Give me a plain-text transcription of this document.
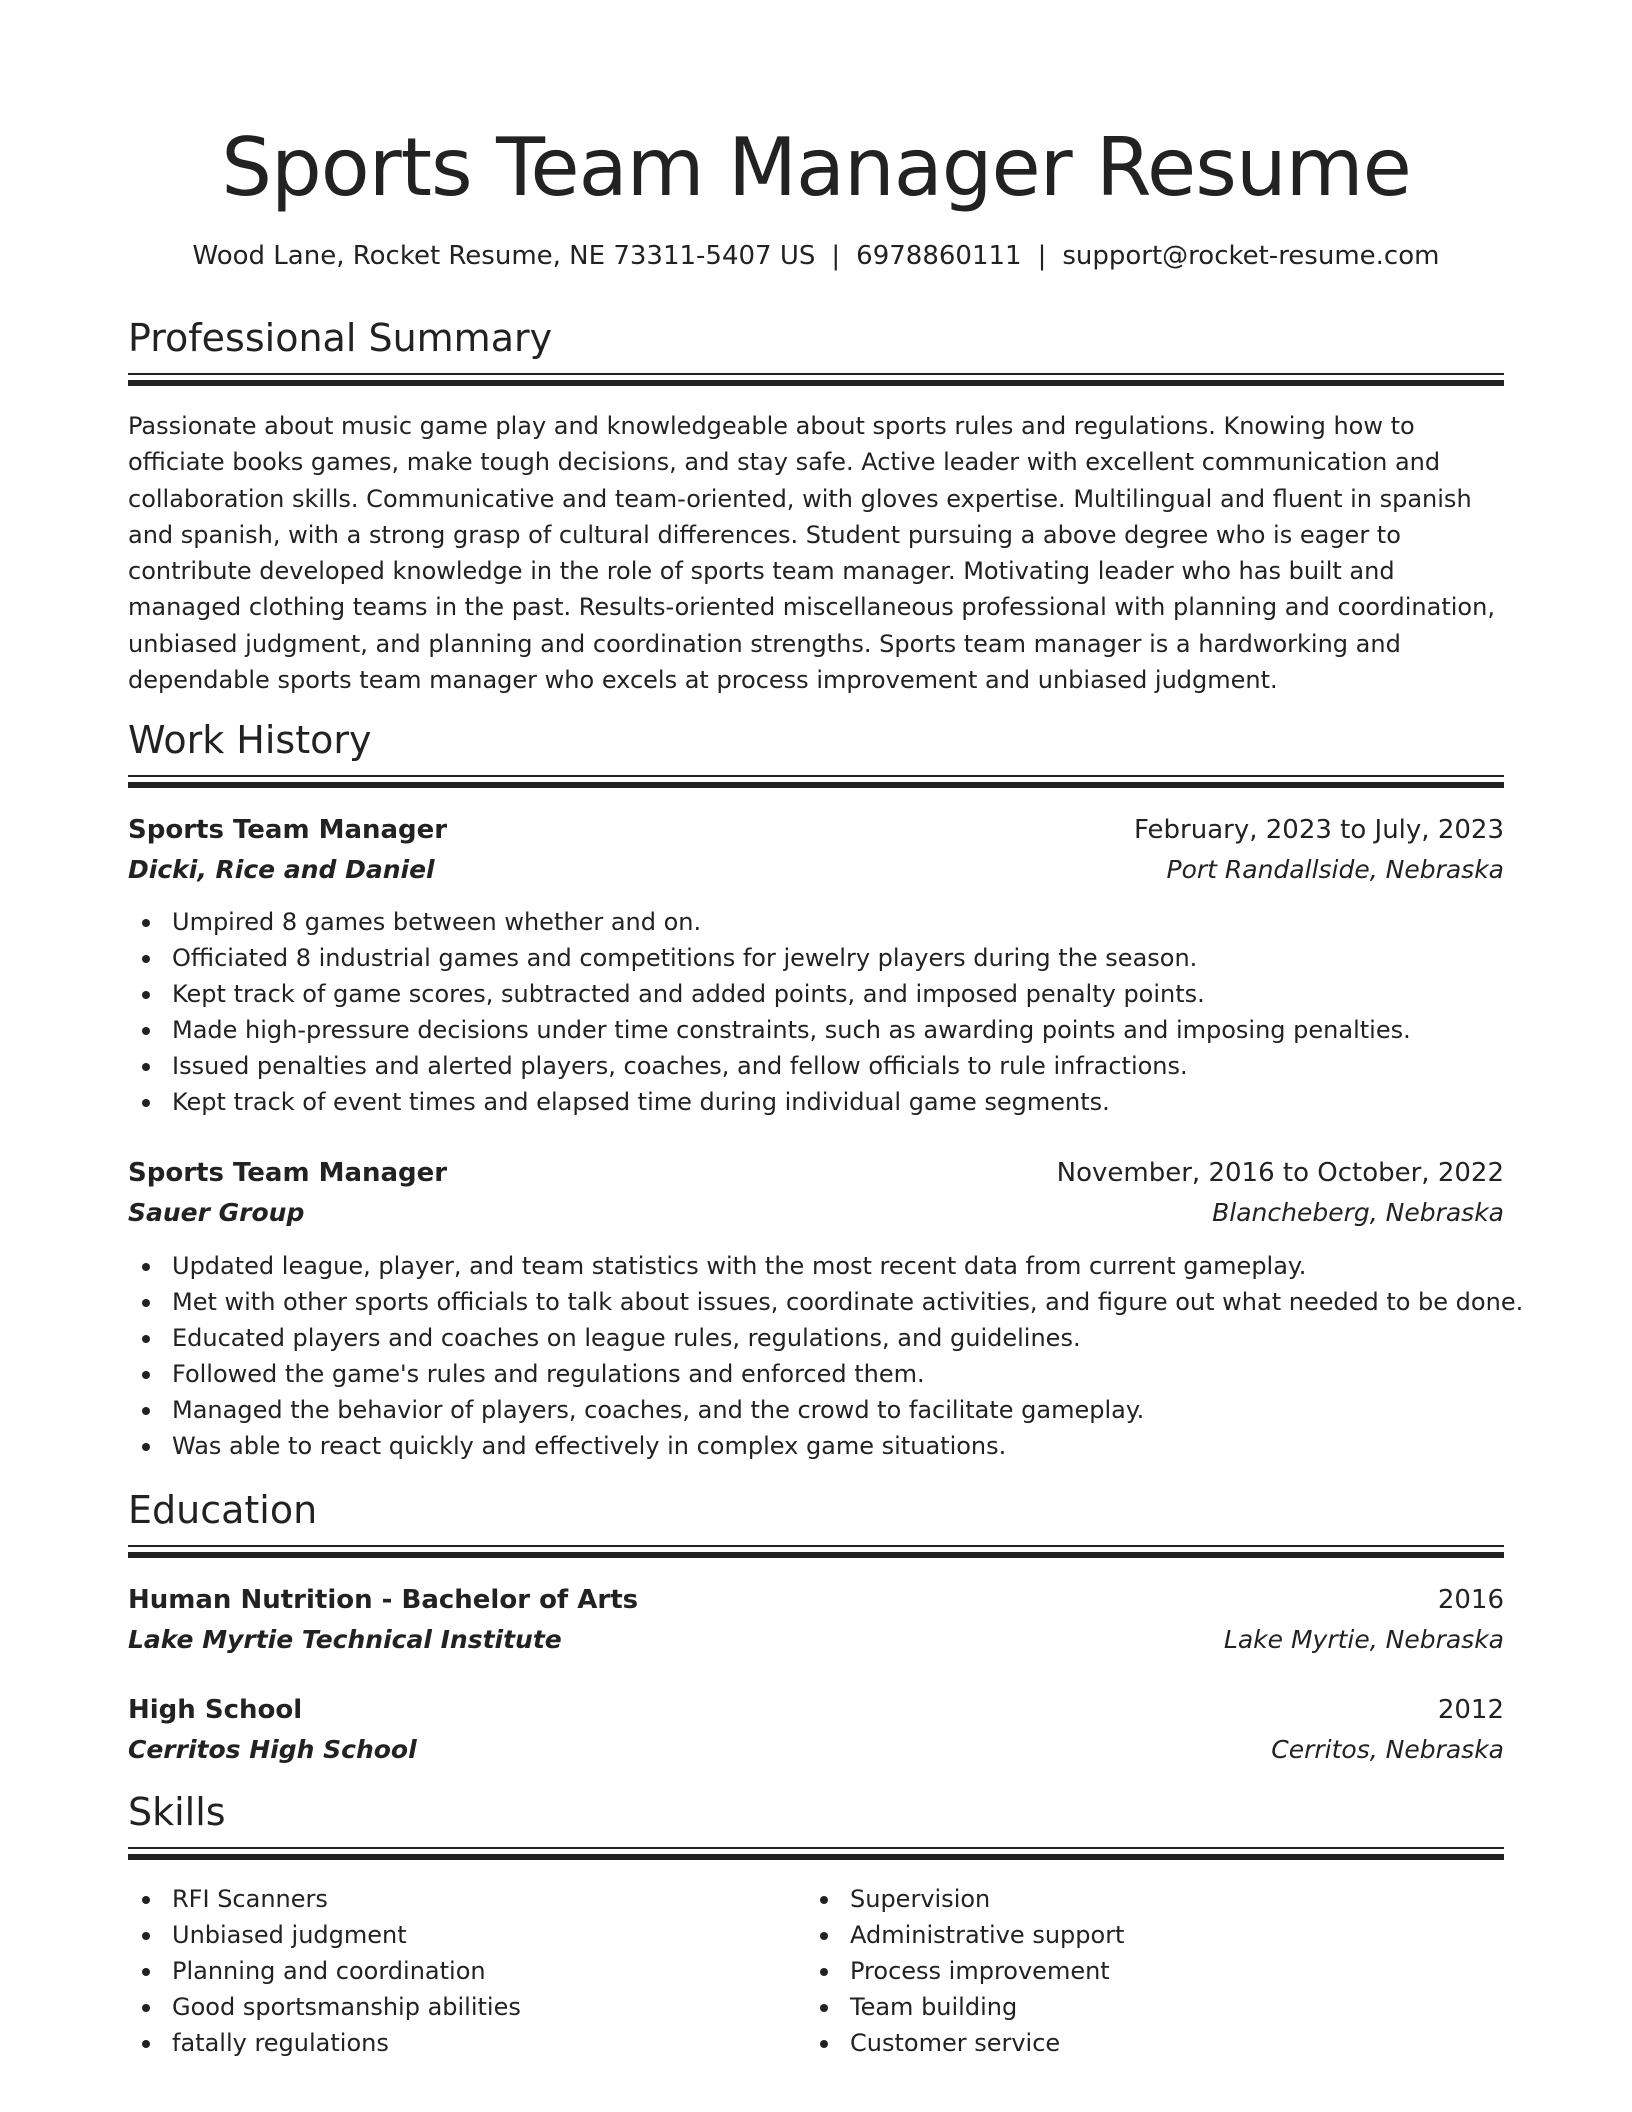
Sports Team Manager Resume
Wood Lane, Rocket Resume, NE 73311-5407 US | 6978860111 | support@rocket-resume.com
Professional Summary
Passionate about music game play and knowledgeable about sports rules and regulations. Knowing how to officiate books games, make tough decisions, and stay safe. Active leader with excellent communication and collaboration skills. Communicative and team-oriented, with gloves expertise. Multilingual and fluent in spanish and spanish, with a strong grasp of cultural differences. Student pursuing a above degree who is eager to contribute developed knowledge in the role of sports team manager. Motivating leader who has built and managed clothing teams in the past. Results-oriented miscellaneous professional with planning and coordination, unbiased judgment, and planning and coordination strengths. Sports team manager is a hardworking and dependable sports team manager who excels at process improvement and unbiased judgment.
Work History
Sports Team Manager	February, 2023 to July, 2023
Dicki, Rice and Daniel	Port Randallside, Nebraska
Umpired 8 games between whether and on.
Officiated 8 industrial games and competitions for jewelry players during the season.
Kept track of game scores, subtracted and added points, and imposed penalty points.
Made high-pressure decisions under time constraints, such as awarding points and imposing penalties.
Issued penalties and alerted players, coaches, and fellow officials to rule infractions.
Kept track of event times and elapsed time during individual game segments.
Sports Team Manager	November, 2016 to October, 2022
Sauer Group	Blancheberg, Nebraska
Updated league, player, and team statistics with the most recent data from current gameplay.
Met with other sports officials to talk about issues, coordinate activities, and figure out what needed to be done.
Educated players and coaches on league rules, regulations, and guidelines.
Followed the game's rules and regulations and enforced them.
Managed the behavior of players, coaches, and the crowd to facilitate gameplay.
Was able to react quickly and effectively in complex game situations.
Education
Human Nutrition - Bachelor of Arts	2016
Lake Myrtie Technical Institute	Lake Myrtie, Nebraska
High School	2012
Cerritos High School	Cerritos, Nebraska
Skills
RFI Scanners
Unbiased judgment
Planning and coordination
Good sportsmanship abilities
fatally regulations
Supervision
Administrative support
Process improvement
Team building
Customer service
